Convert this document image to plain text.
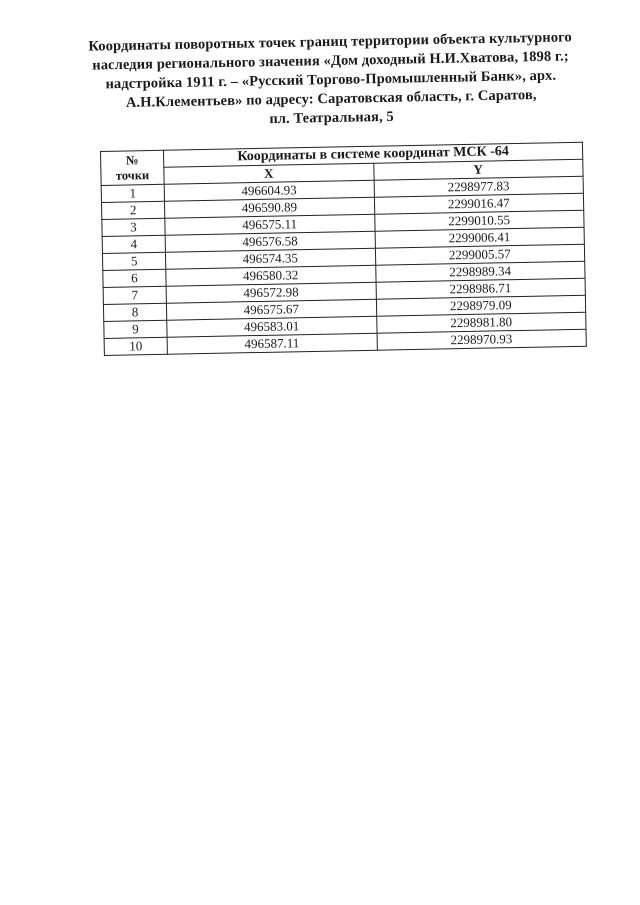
Координаты поворотных точек границ территории объекта культурного
наследия регионального значения «Дом доходный Н.И.Хватова, 1898 г.;
надстройка 1911 г. – «Русский Торгово-Промышленный Банк», арх.
А.Н.Клементьев» по адресу: Саратовская область, г. Саратов,
пл. Театральная, 5
№
точки	Координаты в системе координат МСК -64	
	X	Y
1	496604.93	2298977.83
2	496590.89	2299016.47
3	496575.11	2299010.55
4	496576.58	2299006.41
5	496574.35	2299005.57
6	496580.32	2298989.34
7	496572.98	2298986.71
8	496575.67	2298979.09
9	496583.01	2298981.80
10	496587.11	2298970.93
